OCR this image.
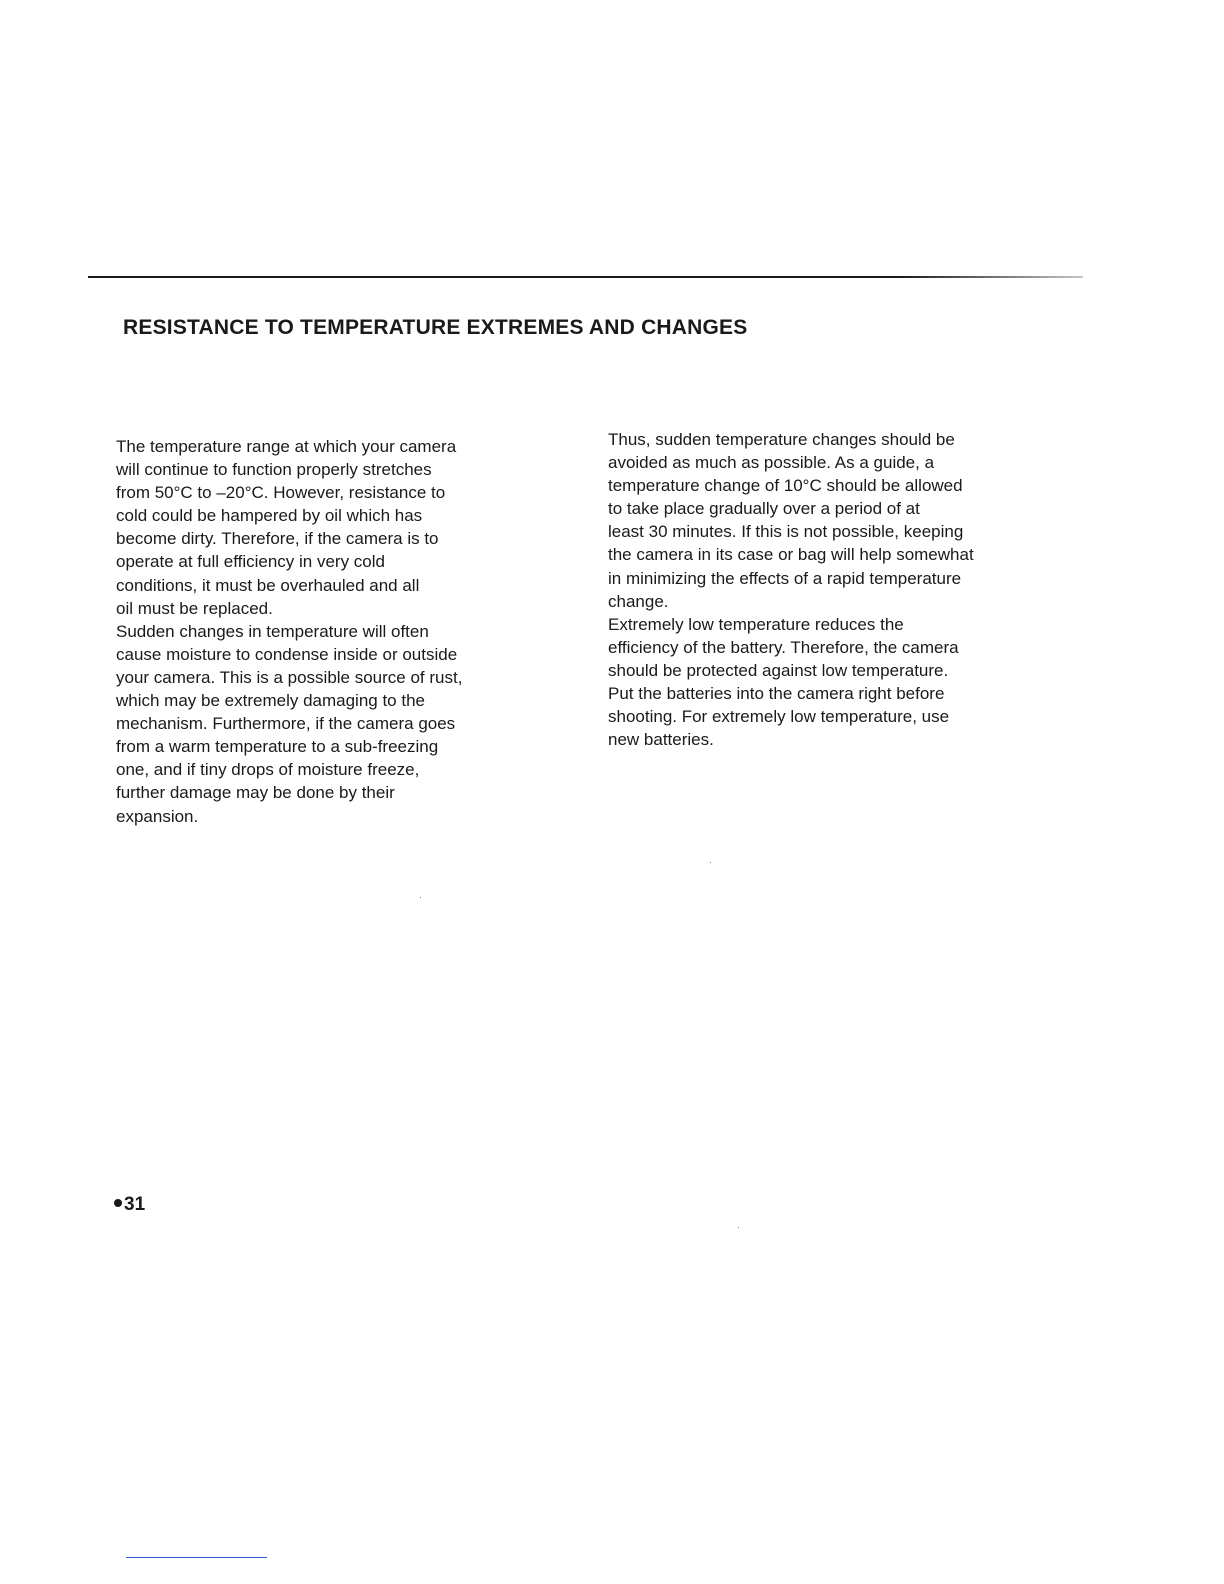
RESISTANCE TO TEMPERATURE EXTREMES AND CHANGES

The temperature range at which your camera
will continue to function properly stretches
from 50°C to –20°C. However, resistance to
cold could be hampered by oil which has
become dirty. Therefore, if the camera is to
operate at full efficiency in very cold
conditions, it must be overhauled and all
oil must be replaced.

Sudden changes in temperature will often
cause moisture to condense inside or outside
your camera. This is a possible source of rust,
which may be extremely damaging to the
mechanism. Furthermore, if the camera goes
from a warm temperature to a sub-freezing
one, and if tiny drops of moisture freeze,
further damage may be done by their
expansion.

Thus, sudden temperature changes should be
avoided as much as possible. As a guide, a
temperature change of 10°C should be allowed
to take place gradually over a period of at
least 30 minutes. If this is not possible, keeping
the camera in its case or bag will help somewhat
in minimizing the effects of a rapid temperature
change.

Extremely low temperature reduces the
efficiency of the battery. Therefore, the camera
should be protected against low temperature.
Put the batteries into the camera right before
shooting. For extremely low temperature, use
new batteries.

31
